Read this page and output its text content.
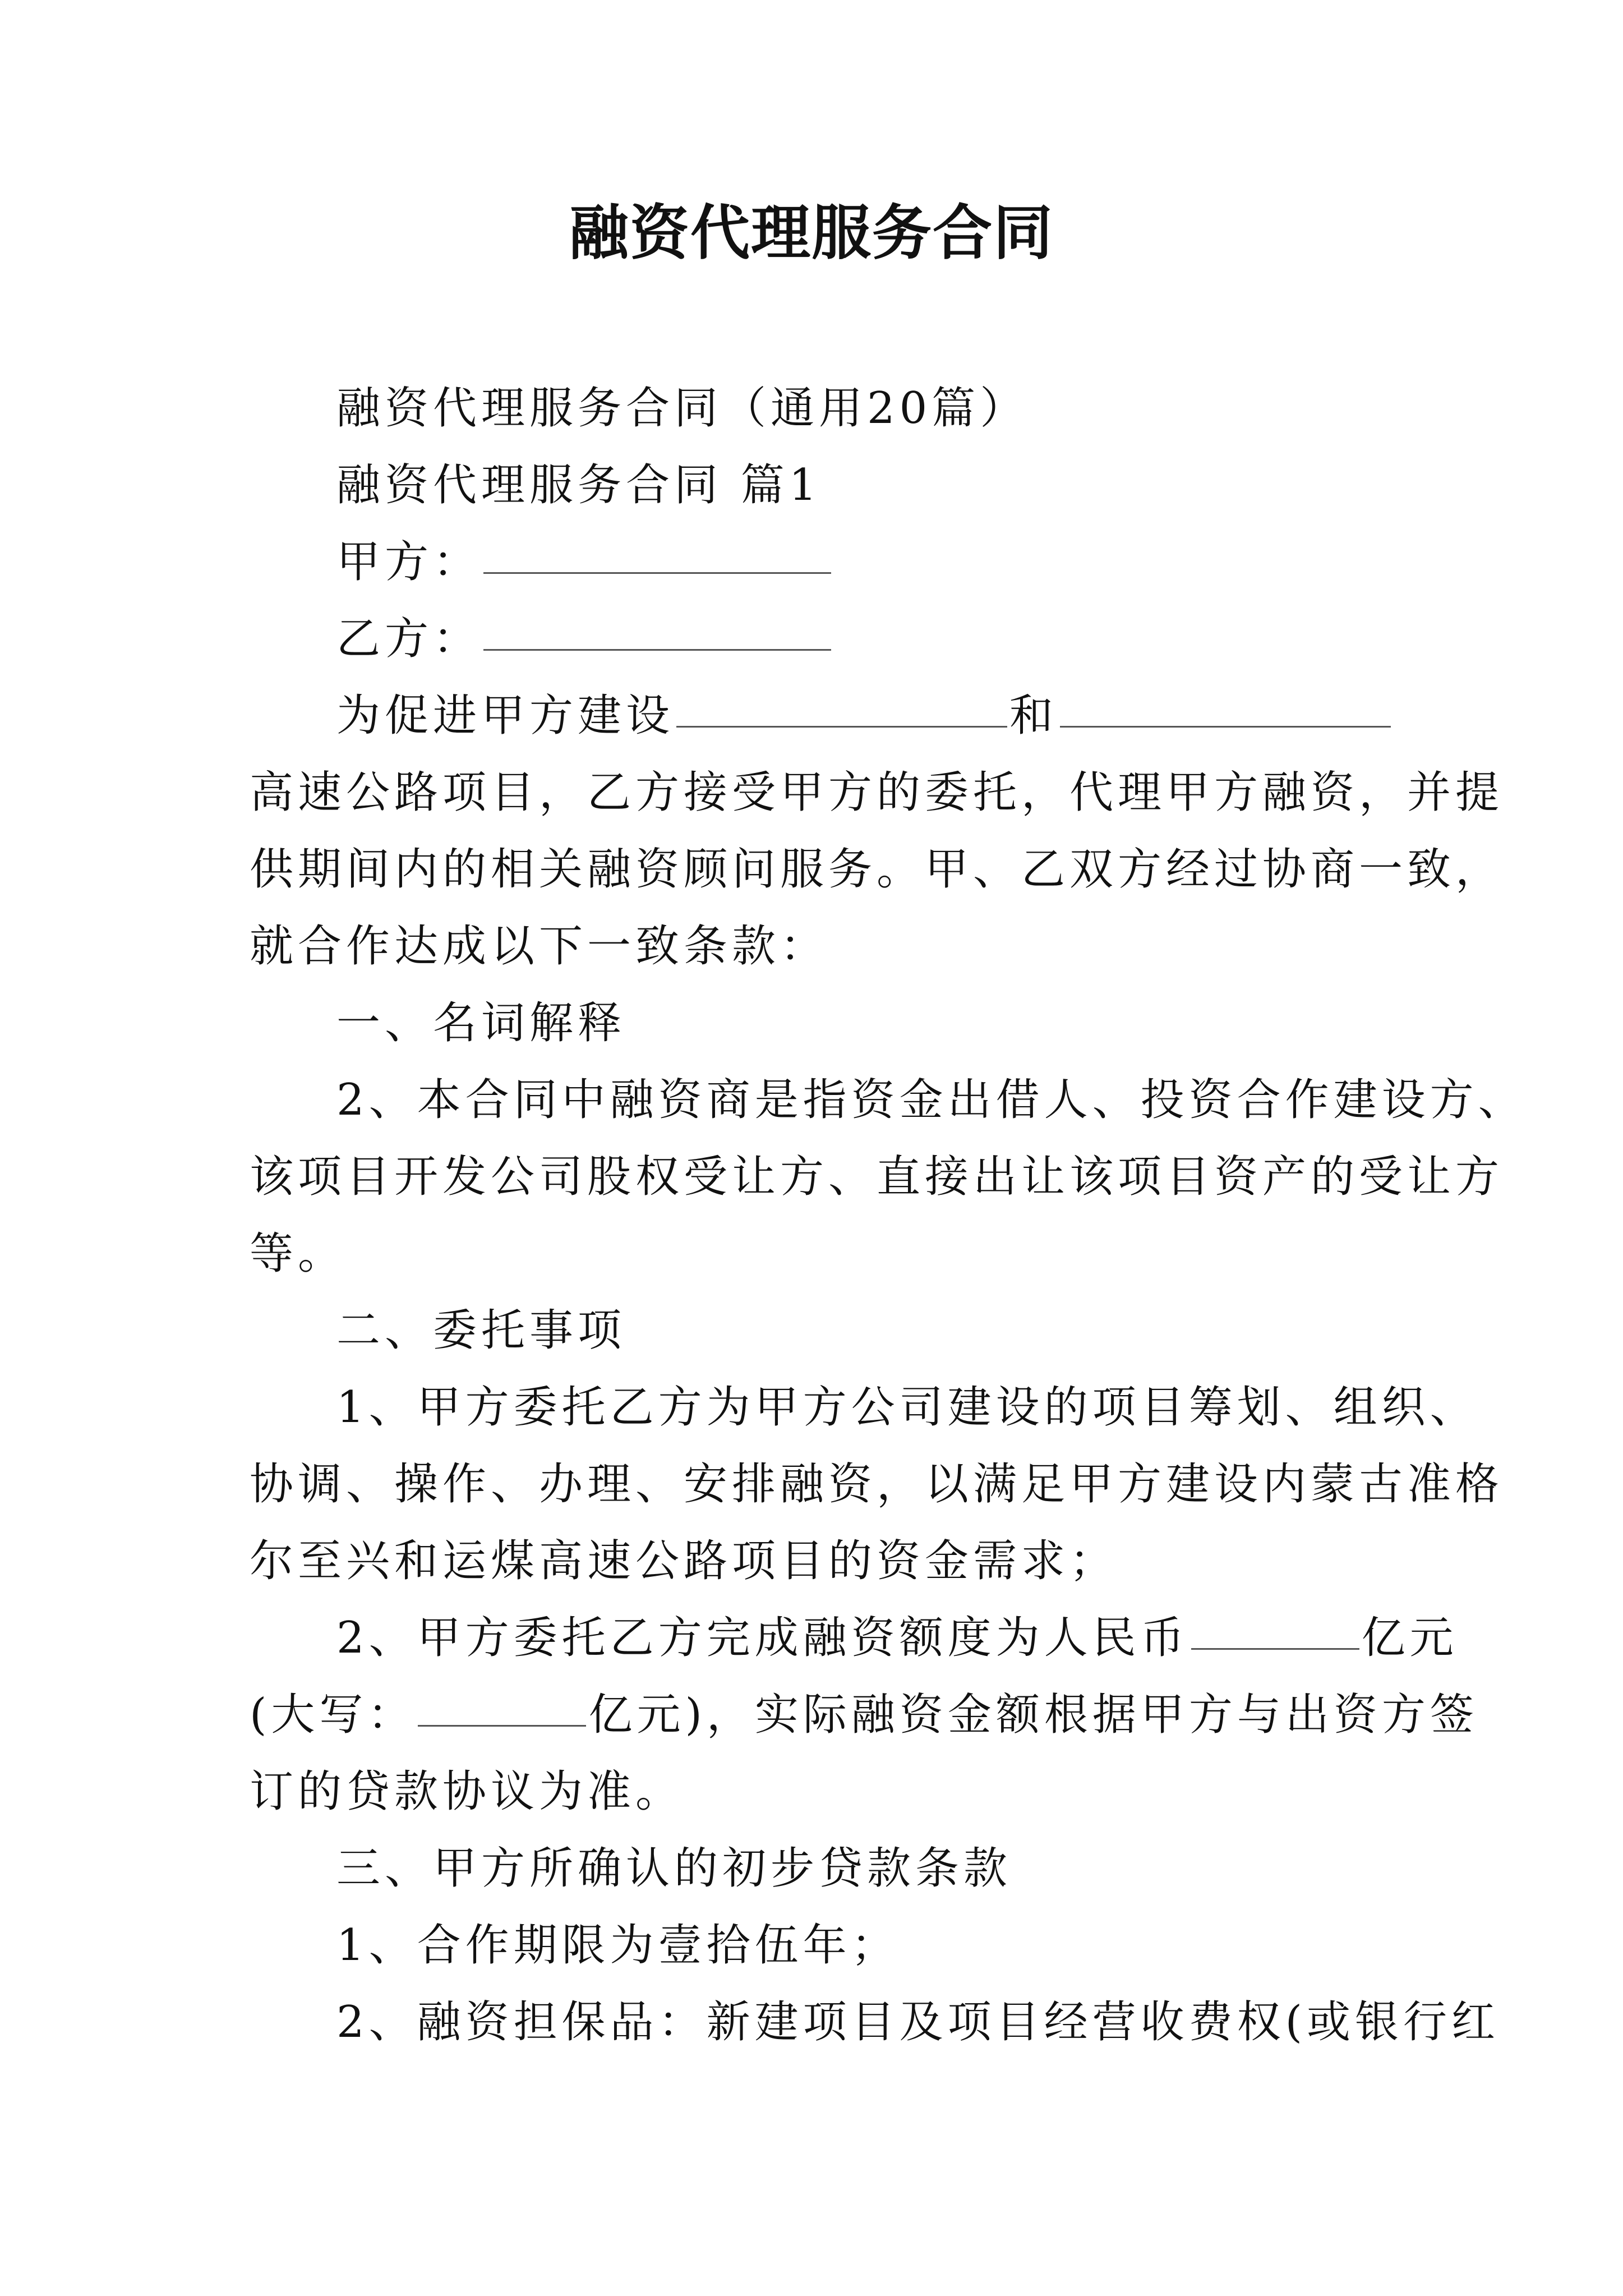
融资代理服务合同
融资代理服务合同（通用20篇）
融资代理服务合同 篇1
甲方：
乙方：
为促进甲方建设	和
高速公路项目，乙方接受甲方的委托，代理甲方融资，并提
供期间内的相关融资顾问服务。甲、乙双方经过协商一致，
就合作达成以下一致条款：
一、名词解释
2、本合同中融资商是指资金出借人、投资合作建设方、
该项目开发公司股权受让方、直接出让该项目资产的受让方
等。
二、委托事项
1、甲方委托乙方为甲方公司建设的项目筹划、组织、
协调、操作、办理、安排融资，以满足甲方建设内蒙古准格
尔至兴和运煤高速公路项目的资金需求；
2、甲方委托乙方完成融资额度为人民币	亿元
(大写：	亿元)，实际融资金额根据甲方与出资方签
订的贷款协议为准。
三、甲方所确认的初步贷款条款
1、合作期限为壹拾伍年；
2、融资担保品：新建项目及项目经营收费权(或银行红
